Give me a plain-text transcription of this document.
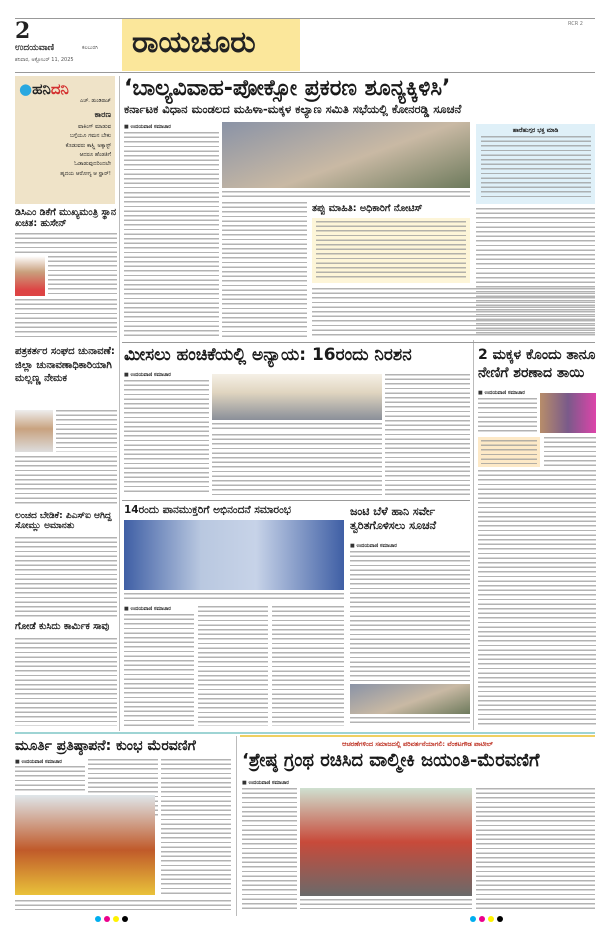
2
ಉದಯವಾಣಿ	ಕಲಬುರಗಿ
ಶನಿವಾರ, ಅಕ್ಟೋಬರ್ 11, 2025	ರಾಯಚೂರು
RCR 2
●ಹನಿದನಿ
ಎಚ್. ಡುಂಡಿರಾಜ್
ಕಾರಣ
ವಾಕಿಂಗ್ ಮಾಡುವ
ಬಗ್ಗೆಯೂ ಗಮನ ಬೇಕು
ಕೊಡುವರು ಕಾಸ್ಟ್ಲಿ ಅಕ್ಕಾಸ್ಟ್
ಆದರೂ ಹೆಂಡತಿಗೆ
ಓಡಾಡುವುದರಿಂದಲೇ
ಹೃದಯ ಆರೋಗ್ಯ ಆ ಸ್ಪ್ರಾರ್!
‘ಬಾಲ್ಯವಿವಾಹ-ಪೋಕ್ಸೋ ಪ್ರಕರಣ ಶೂನ್ಯಕ್ಕಿಳಿಸಿ’
ಕರ್ನಾಟಕ ವಿಧಾನ ಮಂಡಲದ ಮಹಿಳಾ-ಮಕ್ಕಳ ಕಲ್ಯಾಣ ಸಮಿತಿ ಸಭೆಯಲ್ಲಿ ಕೋನರಡ್ಡಿ ಸೂಚನೆ
■ ಉದಯವಾಣಿ ಸಮಾಚಾರ
ತಪ್ಪು ಮಾಹಿತಿ: ಅಧಿಕಾರಿಗೆ ನೋಟಿಸ್
ಹಾರೆಹುಗ್ಗರ ಭಕ್ತ ಮಾಡಿ
ಡಿಸಿಎಂ ಡಿಕೆಗೆ ಮುಖ್ಯಮಂತ್ರಿ ಸ್ಥಾನ ಖಚಿತ: ಹುಸೇನ್
ಪತ್ರಕರ್ತರ ಸಂಘದ ಚುನಾವಣೆ: ಜಿಲ್ಲಾ ಚುನಾವಣಾಧಿಕಾರಿಯಾಗಿ ಮಲ್ಲಣ್ಣ ನೇಮಕ
ಲಂಚದ ಬೇಡಿಕೆ: ಪಿಎಸ್‌ಐ ಆಗಿದ್ದ ಸೋಮ್ಲು ಅಮಾನತು
ಗೋಡೆ ಕುಸಿದು ಕಾರ್ಮಿಕ ಸಾವು
ಮೀಸಲು ಹಂಚಿಕೆಯಲ್ಲಿ ಅನ್ಯಾಯ: 16ರಂದು ನಿರಶನ
■ ಉದಯವಾಣಿ ಸಮಾಚಾರ
2 ಮಕ್ಕಳ ಕೊಂದು ತಾನೂ ನೇಣಿಗೆ ಶರಣಾದ ತಾಯಿ
■ ಉದಯವಾಣಿ ಸಮಾಚಾರ
14ರಂದು ಪಾನಮುಕ್ತರಿಗೆ ಅಭಿನಂದನೆ ಸಮಾರಂಭ
■ ಉದಯವಾಣಿ ಸಮಾಚಾರ
ಜಂಟಿ ಬೆಳೆ ಹಾನಿ ಸರ್ವೇ ತ್ವರಿತಗೊಳಿಸಲು ಸೂಚನೆ
■ ಉದಯವಾಣಿ ಸಮಾಚಾರ
ಮೂರ್ತಿ ಪ್ರತಿಷ್ಠಾಪನೆ: ಕುಂಭ ಮೆರವಣಿಗೆ
■ ಉದಯವಾಣಿ ಸಮಾಚಾರ
ಆಚರಣೆಗಳಿಂದ ಸಮಾಜದಲ್ಲಿ ಪರಿವರ್ತನೆಯಾಗಲಿ: ವೆಂಕಟಗೌಡ ಪಾಟೀಲ್
‘ಶ್ರೇಷ್ಠ ಗ್ರಂಥ ರಚಿಸಿದ ವಾಲ್ಮೀಕಿ ಜಯಂತಿ-ಮೆರವಣಿಗೆ
■ ಉದಯವಾಣಿ ಸಮಾಚಾರ
